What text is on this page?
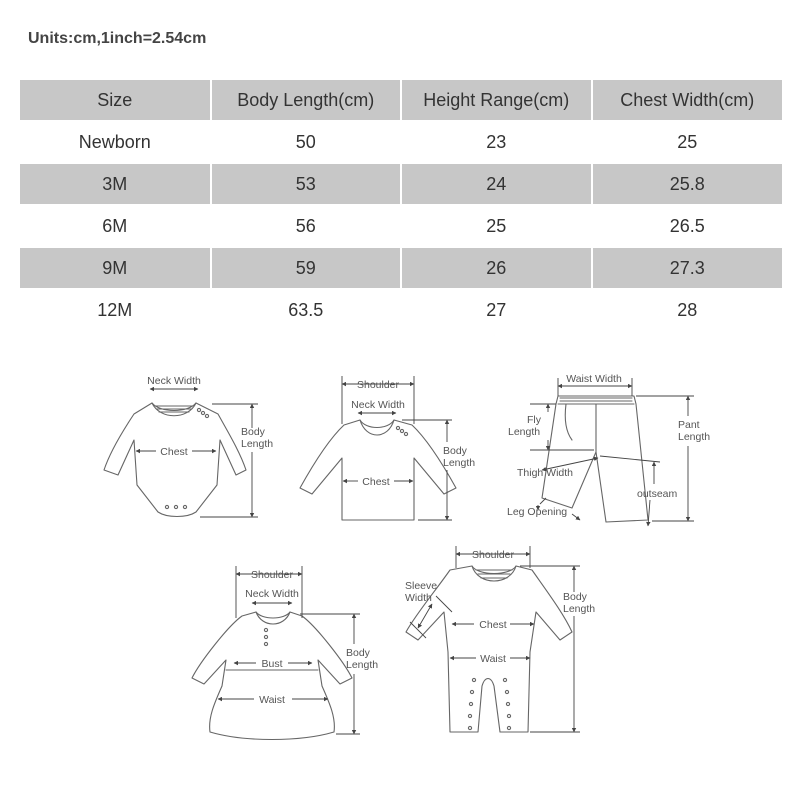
Units:cm,1inch=2.54cm
Size	Body Length(cm)	Height Range(cm)	Chest Width(cm)
Newborn	50	23	25
3M	53	24	25.8
6M	56	25	26.5
9M	59	26	27.3
12M	63.5	27	28
Neck Width
Chest
Body
Length
Shoulder
Neck Width
Chest
Body
Length
Waist Width
Fly
Length
Pant
Length
Thigh Width
outseam
Leg Opening
Shoulder
Neck Width
Bust
Waist
Body
Length
Shoulder
Sleeve
Width
Chest
Waist
Body
Length
